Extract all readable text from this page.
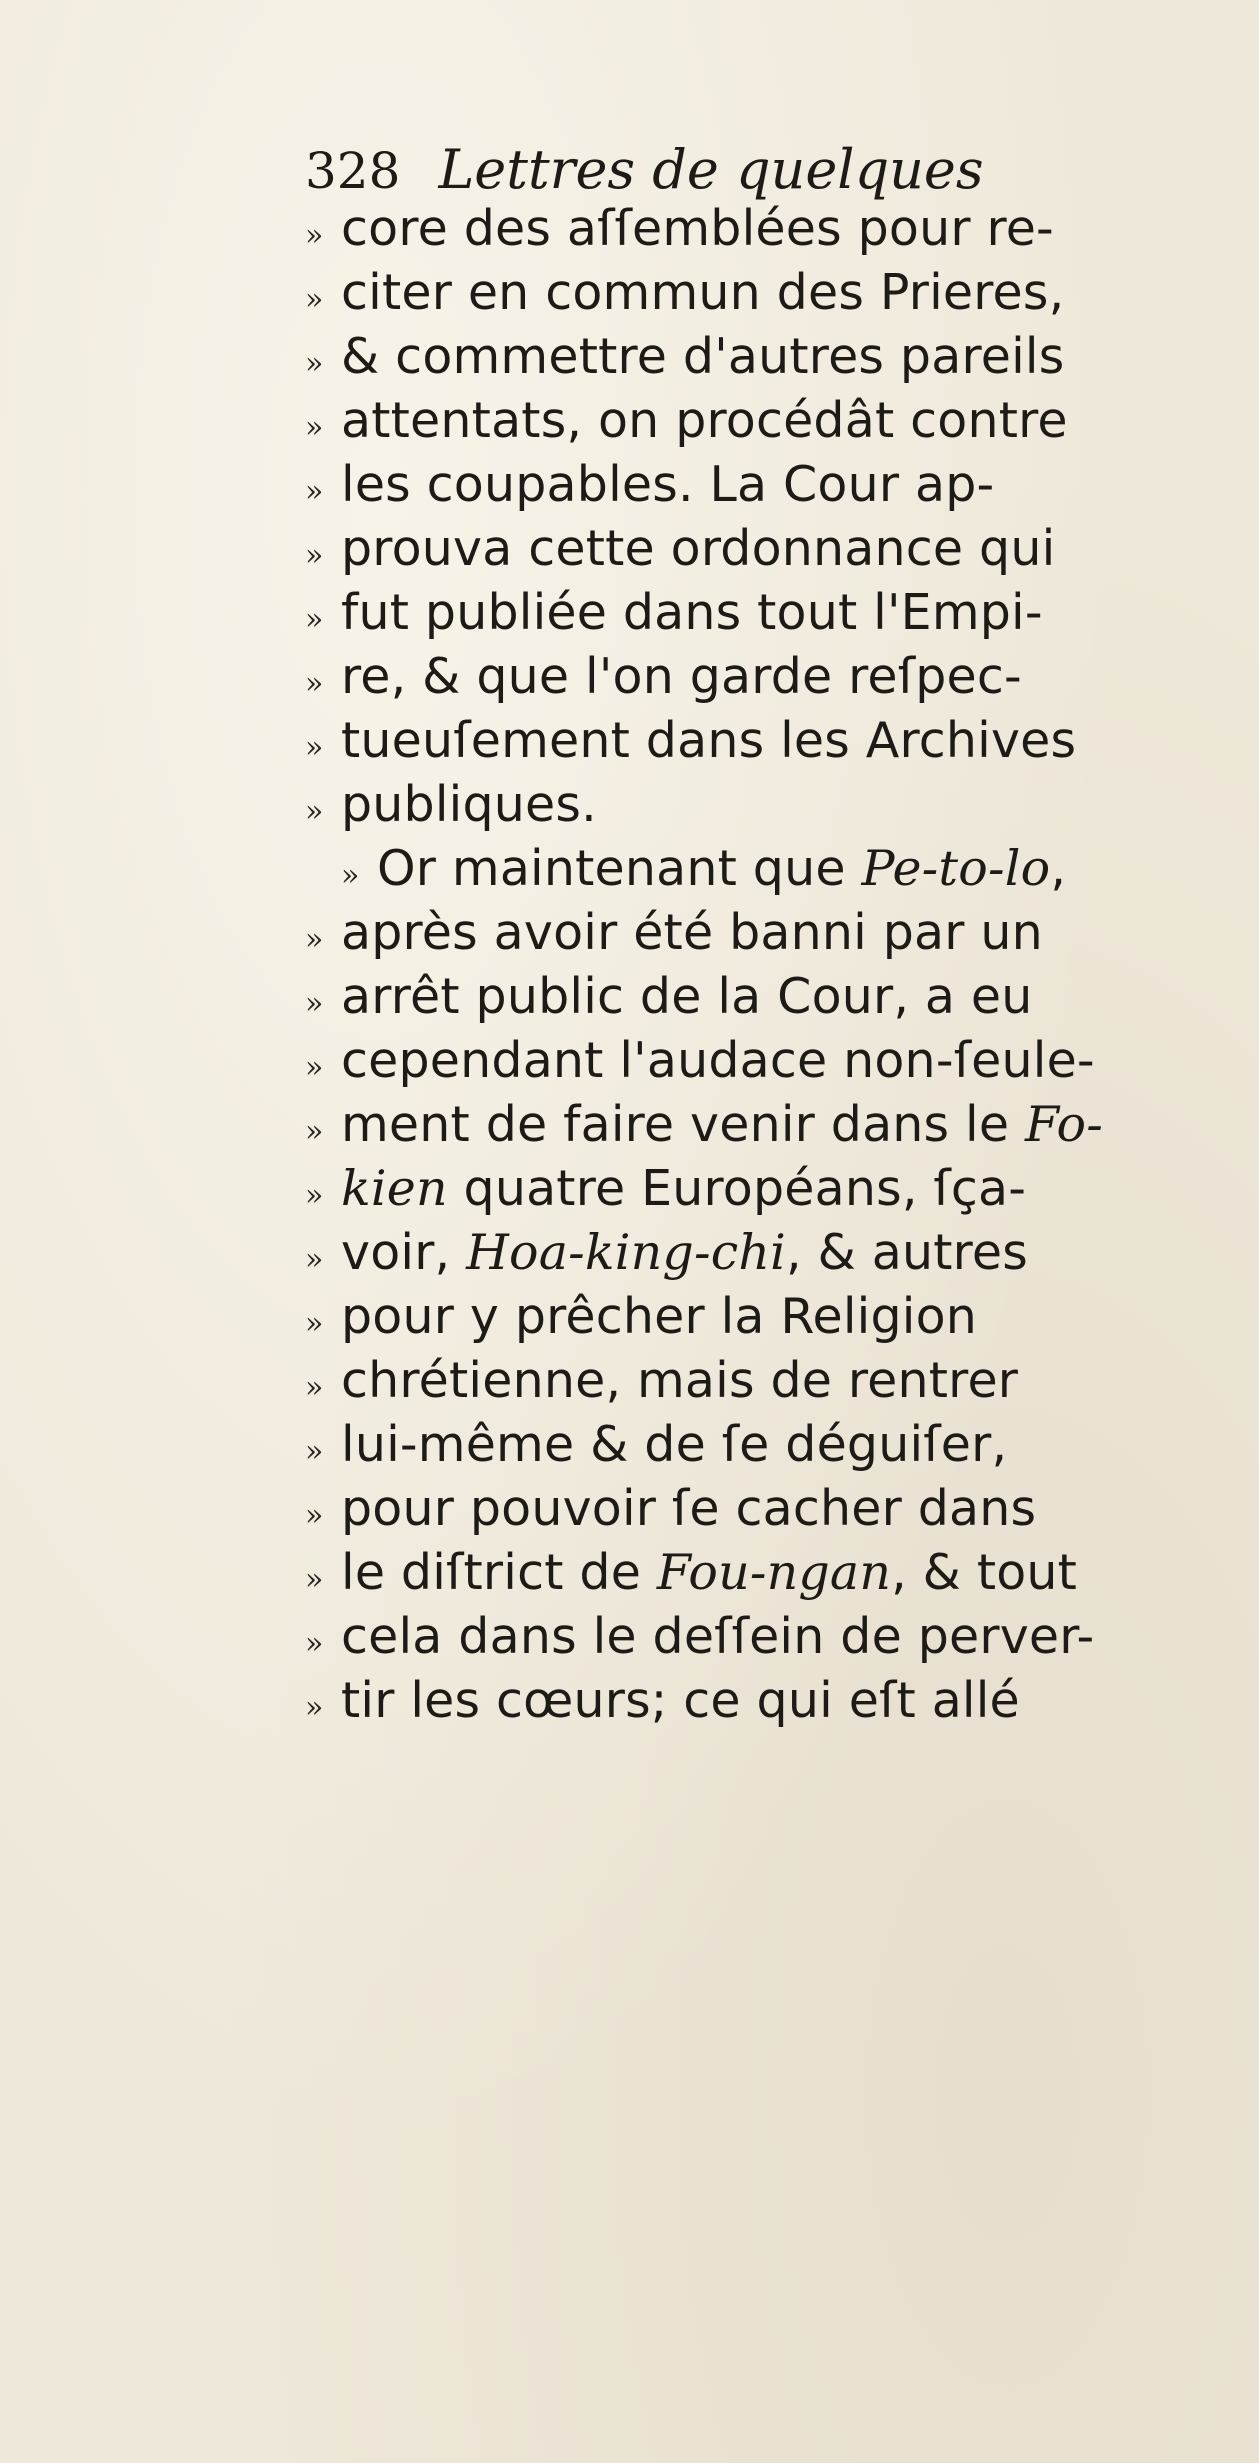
328 Lettres de quelques
» core des aſſemblées pour re-
» citer en commun des Prieres,
» & commettre d'autres pareils
» attentats, on procédât contre
» les coupables. La Cour ap-
» prouva cette ordonnance qui
» fut publiée dans tout l'Empi-
» re, & que l'on garde reſpec-
» tueuſement dans les Archives
» publiques.
» Or maintenant que Pe-to-lo,
» après avoir été banni par un
» arrêt public de la Cour, a eu
» cependant l'audace non-ſeule-
» ment de faire venir dans le Fo-
» kien quatre Européans, ſça-
» voir, Hoa-king-chi, & autres
» pour y prêcher la Religion
» chrétienne, mais de rentrer
» lui-même & de ſe déguiſer,
» pour pouvoir ſe cacher dans
» le diſtrict de Fou-ngan, & tout
» cela dans le deſſein de perver-
» tir les cœurs; ce qui eſt allé
